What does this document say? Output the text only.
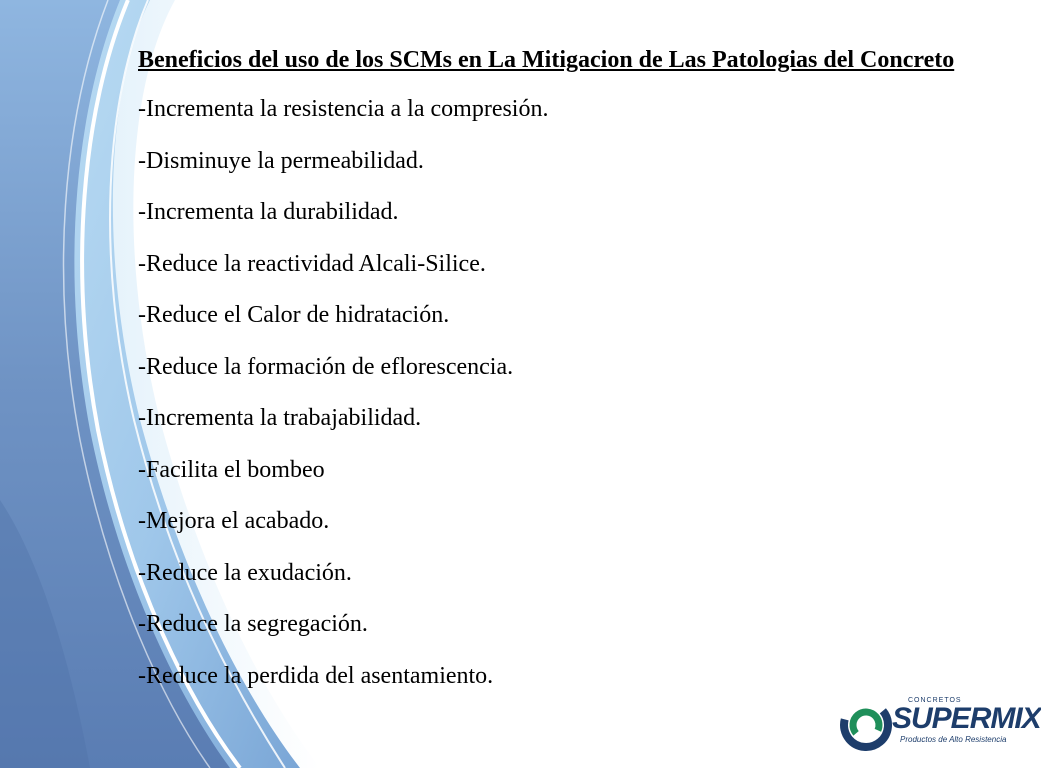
Beneficios del uso de los SCMs en La Mitigacion de Las Patologias del Concreto
-Incrementa la resistencia a la compresión.
-Disminuye la permeabilidad.
-Incrementa la durabilidad.
-Reduce la reactividad Alcali-Silice.
-Reduce el Calor de hidratación.
-Reduce la formación de eflorescencia.
-Incrementa la trabajabilidad.
-Facilita el bombeo
-Mejora el acabado.
-Reduce la exudación.
-Reduce la segregación.
-Reduce la perdida del asentamiento.
CONCRETOS
SUPERMIX
Productos de Alto Resistencia
